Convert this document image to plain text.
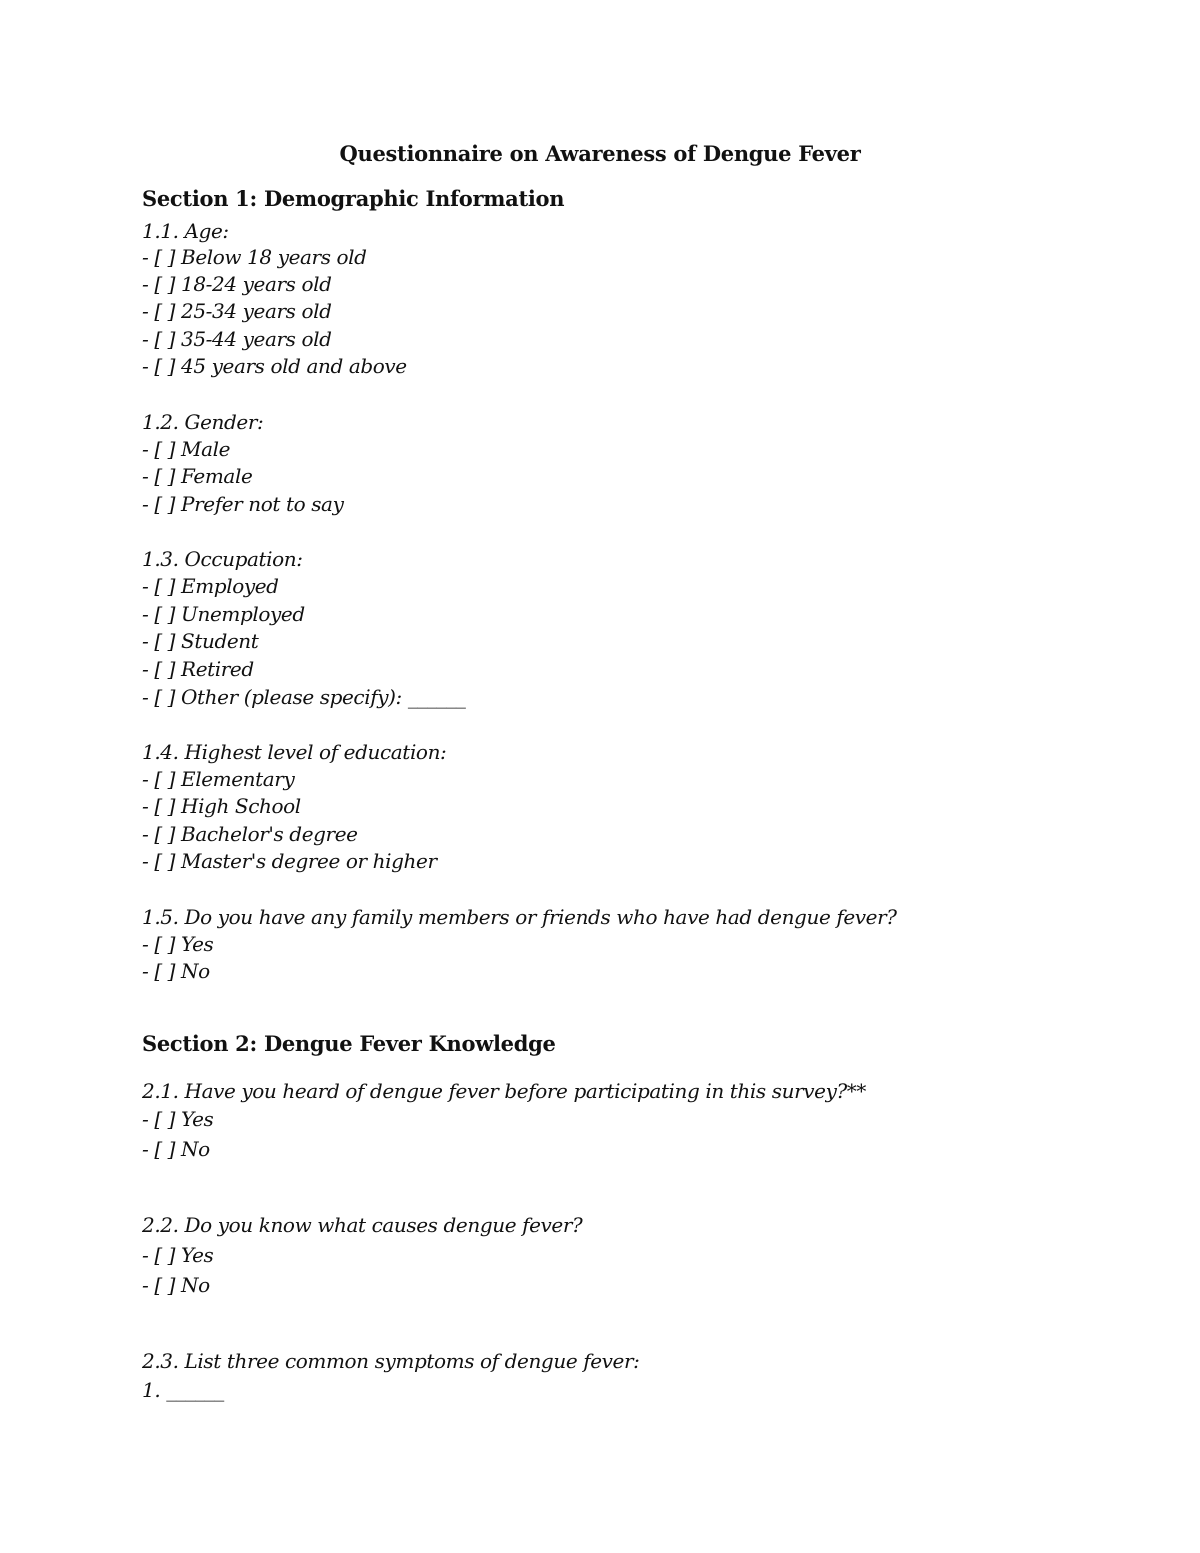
Questionnaire on Awareness of Dengue Fever
Section 1: Demographic Information
1.1. Age:
- [ ] Below 18 years old
- [ ] 18-24 years old
- [ ] 25-34 years old
- [ ] 35-44 years old
- [ ] 45 years old and above
1.2. Gender:
- [ ] Male
- [ ] Female
- [ ] Prefer not to say
1.3. Occupation:
- [ ] Employed
- [ ] Unemployed
- [ ] Student
- [ ] Retired
- [ ] Other (please specify): ______
1.4. Highest level of education:
- [ ] Elementary
- [ ] High School
- [ ] Bachelor's degree
- [ ] Master's degree or higher
1.5. Do you have any family members or friends who have had dengue fever?
- [ ] Yes
- [ ] No
Section 2: Dengue Fever Knowledge
2.1. Have you heard of dengue fever before participating in this survey?**
- [ ] Yes
- [ ] No
2.2. Do you know what causes dengue fever?
- [ ] Yes
- [ ] No
2.3. List three common symptoms of dengue fever:
1. ______
